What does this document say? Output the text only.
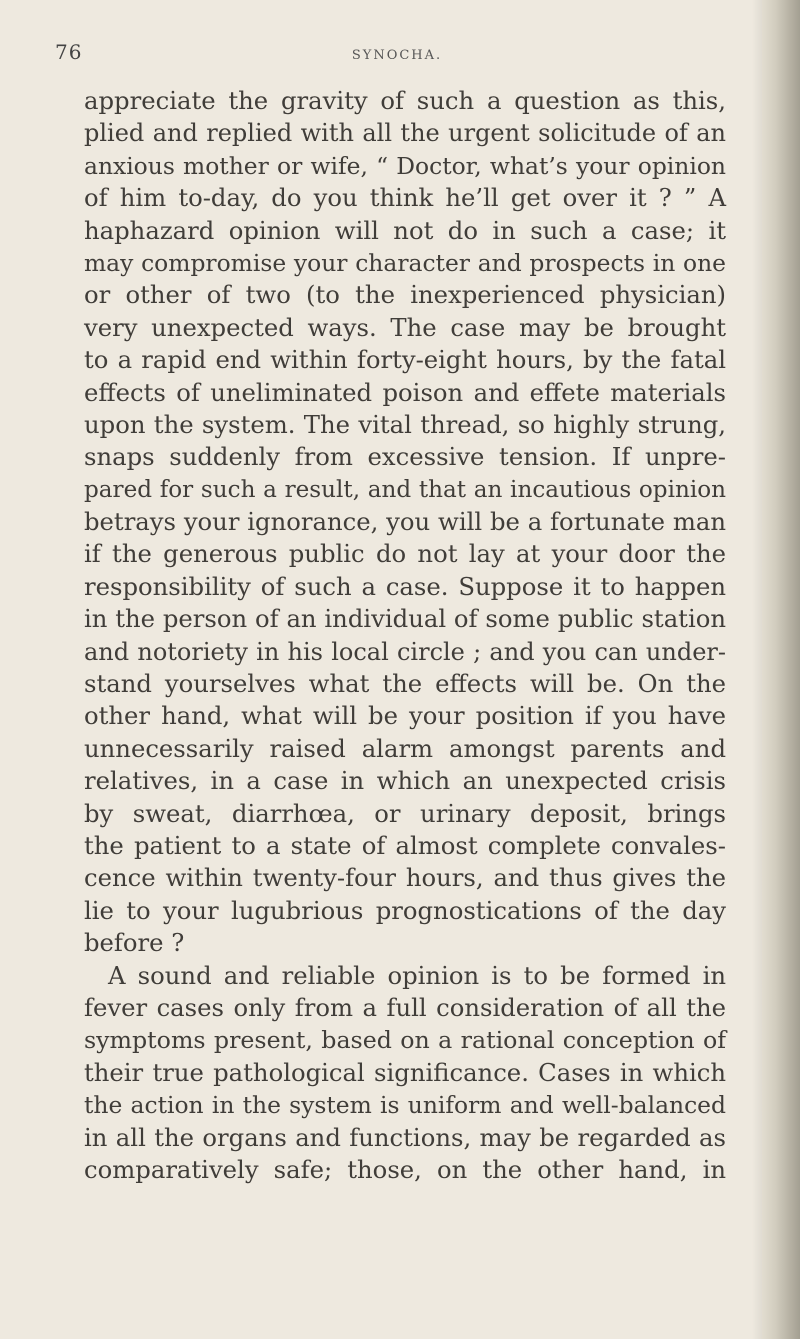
76	SYNOCHA.
appreciate the gravity of such a question as this,
plied and replied with all the urgent solicitude of an
anxious mother or wife, “ Doctor, what’s your opinion
of him to-day, do you think he’ll get over it ? ” A
haphazard opinion will not do in such a case; it
may compromise your character and prospects in one
or other of two (to the inexperienced physician)
very unexpected ways. The case may be brought
to a rapid end within forty-eight hours, by the fatal
effects of uneliminated poison and effete materials
upon the system. The vital thread, so highly strung,
snaps suddenly from excessive tension. If unpre-
pared for such a result, and that an incautious opinion
betrays your ignorance, you will be a fortunate man
if the generous public do not lay at your door the
responsibility of such a case. Suppose it to happen
in the person of an individual of some public station
and notoriety in his local circle ; and you can under-
stand yourselves what the effects will be. On the
other hand, what will be your position if you have
unnecessarily raised alarm amongst parents and
relatives, in a case in which an unexpected crisis
by sweat, diarrhœa, or urinary deposit, brings
the patient to a state of almost complete convales-
cence within twenty-four hours, and thus gives the
lie to your lugubrious prognostications of the day
before ?
A sound and reliable opinion is to be formed in
fever cases only from a full consideration of all the
symptoms present, based on a rational conception of
their true pathological significance. Cases in which
the action in the system is uniform and well-balanced
in all the organs and functions, may be regarded as
comparatively safe; those, on the other hand, in
